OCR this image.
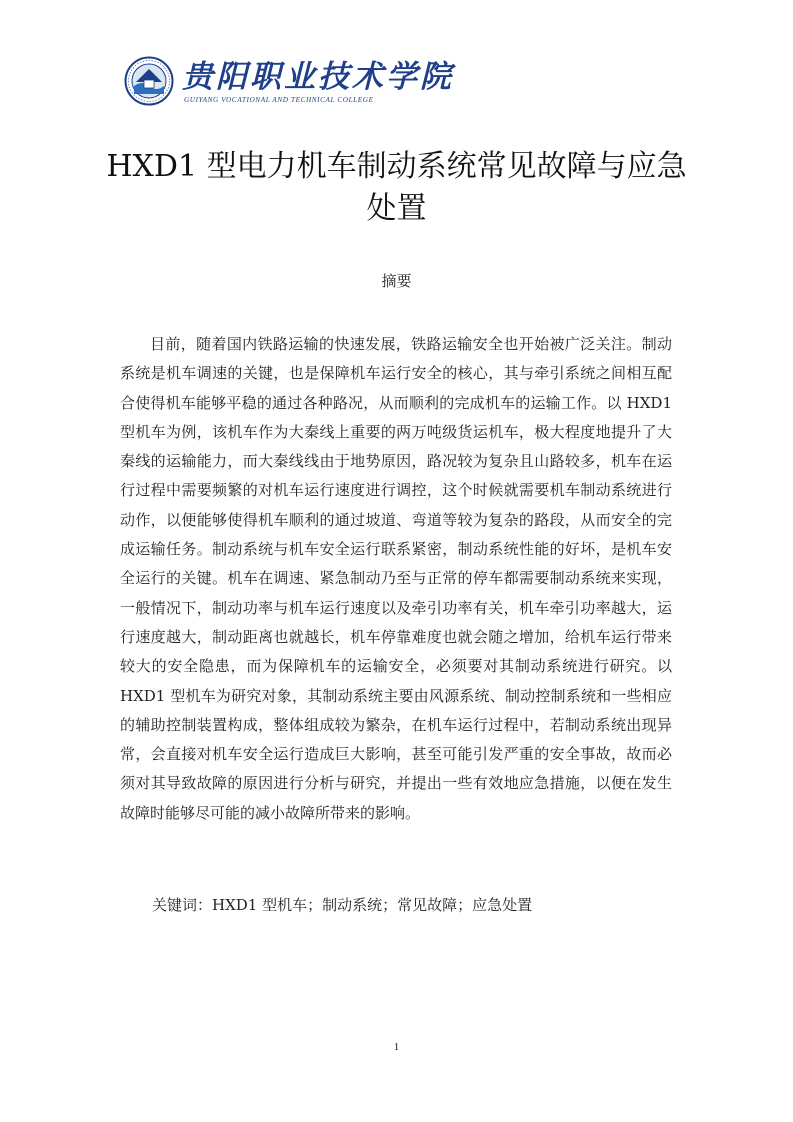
贵阳职业技术学院
GUIYANG VOCATIONAL AND TECHNICAL COLLEGE
HXD1 型电力机车制动系统常见故障与应急处置
摘要

目前，随着国内铁路运输的快速发展，铁路运输安全也开始被广泛关注。制动系统是机车调速的关键，也是保障机车运行安全的核心，其与牵引系统之间相互配合使得机车能够平稳的通过各种路况，从而顺利的完成机车的运输工作。以 HXD1 型机车为例，该机车作为大秦线上重要的两万吨级货运机车，极大程度地提升了大秦线的运输能力，而大秦线线由于地势原因，路况较为复杂且山路较多，机车在运行过程中需要频繁的对机车运行速度进行调控，这个时候就需要机车制动系统进行动作，以便能够使得机车顺利的通过坡道、弯道等较为复杂的路段，从而安全的完成运输任务。制动系统与机车安全运行联系紧密，制动系统性能的好坏，是机车安全运行的关键。机车在调速、紧急制动乃至与正常的停车都需要制动系统来实现，一般情况下，制动功率与机车运行速度以及牵引功率有关，机车牵引功率越大，运行速度越大，制动距离也就越长，机车停靠难度也就会随之增加，给机车运行带来较大的安全隐患，而为保障机车的运输安全，必须要对其制动系统进行研究。以 HXD1 型机车为研究对象，其制动系统主要由风源系统、制动控制系统和一些相应的辅助控制装置构成，整体组成较为繁杂，在机车运行过程中，若制动系统出现异常，会直接对机车安全运行造成巨大影响，甚至可能引发严重的安全事故，故而必须对其导致故障的原因进行分析与研究，并提出一些有效地应急措施，以便在发生故障时能够尽可能的减小故障所带来的影响。

关键词：HXD1 型机车；制动系统；常见故障；应急处置
1
